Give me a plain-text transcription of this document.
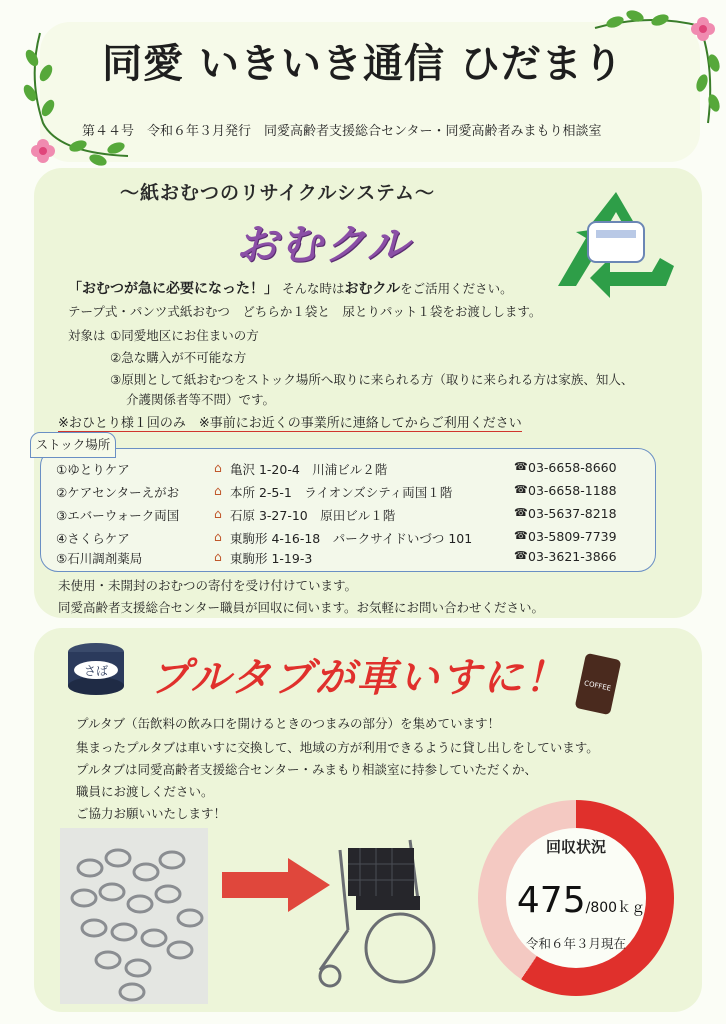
同愛 いきいき通信 ひだまり
第４４号　令和６年３月発行　同愛高齢者支援総合センター・同愛高齢者みまもり相談室
〜紙おむつのリサイクルシステム〜
おむクル
「おむつが急に必要になった！」 そんな時はおむクルをご活用ください。
テープ式・パンツ式紙おむつ　どちらか１袋と　尿とりパット１袋をお渡しします。
対象は ①同愛地区にお住まいの方
②急な購入が不可能な方
③原則として紙おむつをストック場所へ取りに来られる方（取りに来られる方は家族、知人、
介護関係者等不問）です。
※おひとり様１回のみ　※事前にお近くの事業所に連絡してからご利用ください
ストック場所
①ゆとりケア	⌂ 亀沢 1-20-4　川浦ビル２階	☎ 03-6658-8660
②ケアセンターえがお	⌂ 本所 2-5-1　ライオンズシティ両国１階	☎ 03-6658-1188
③エバーウォーク両国	⌂ 石原 3-27-10　原田ビル１階	☎ 03-5637-8218
④さくらケア	⌂ 東駒形 4-16-18　パークサイドいづつ 101	☎ 03-5809-7739
⑤石川調剤薬局	⌂ 東駒形 1-19-3	☎ 03-3621-3866
未使用・未開封のおむつの寄付を受け付けています。
同愛高齢者支援総合センター職員が回収に伺います。お気軽にお問い合わせください。
さば プルタブが車いすに！ COFFEE
プルタブ（缶飲料の飲み口を開けるときのつまみの部分）を集めています！
集まったプルタブは車いすに交換して、地域の方が利用できるように貸し出しをしています。
プルタブは同愛高齢者支援総合センター・みまもり相談室に持参していただくか、
職員にお渡しください。
ご協力お願いいたします！
回収状況
475/800ｋｇ
令和６年３月現在
